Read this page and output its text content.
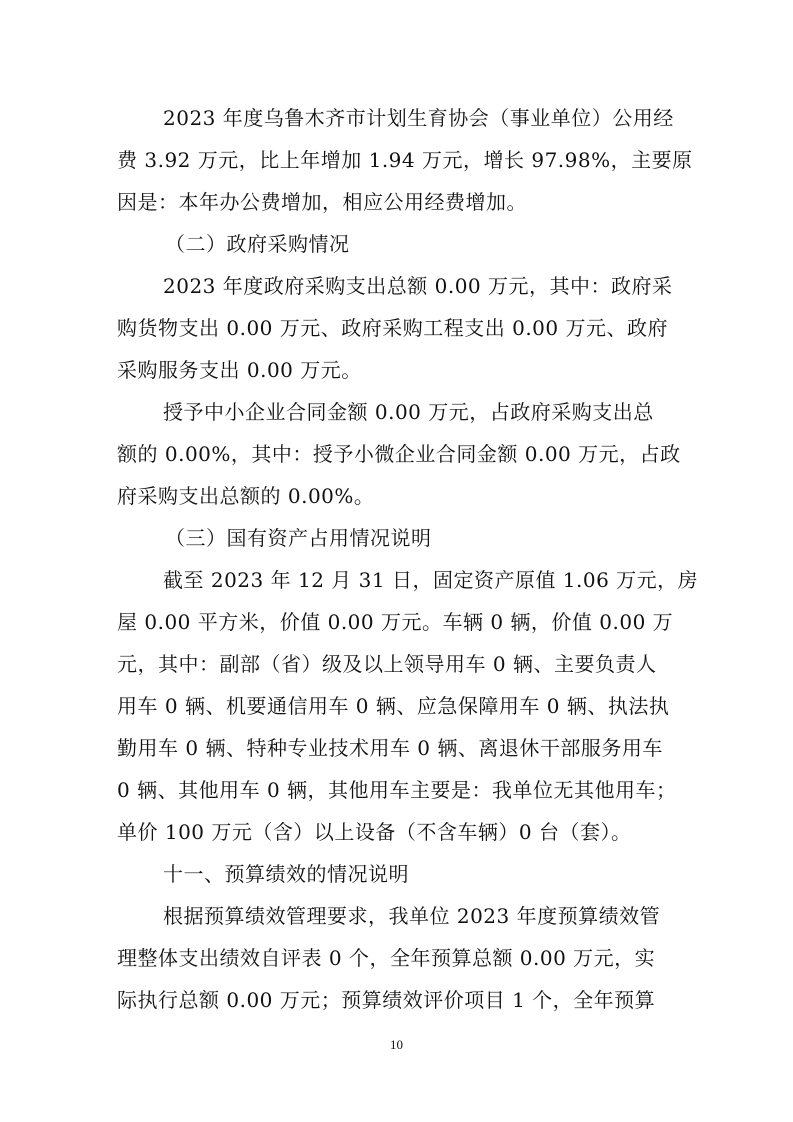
2023 年度乌鲁木齐市计划生育协会（事业单位）公用经
费 3.92 万元，比上年增加 1.94 万元，增长 97.98%，主要原
因是：本年办公费增加，相应公用经费增加。
（二）政府采购情况
2023 年度政府采购支出总额 0.00 万元，其中：政府采
购货物支出 0.00 万元、政府采购工程支出 0.00 万元、政府
采购服务支出 0.00 万元。
授予中小企业合同金额 0.00 万元，占政府采购支出总
额的 0.00%，其中：授予小微企业合同金额 0.00 万元，占政
府采购支出总额的 0.00%。
（三）国有资产占用情况说明
截至 2023 年 12 月 31 日，固定资产原值 1.06 万元，房
屋 0.00 平方米，价值 0.00 万元。车辆 0 辆，价值 0.00 万
元，其中：副部（省）级及以上领导用车 0 辆、主要负责人
用车 0 辆、机要通信用车 0 辆、应急保障用车 0 辆、执法执
勤用车 0 辆、特种专业技术用车 0 辆、离退休干部服务用车
0 辆、其他用车 0 辆，其他用车主要是：我单位无其他用车；
单价 100 万元（含）以上设备（不含车辆）0 台（套）。
十一、预算绩效的情况说明
根据预算绩效管理要求，我单位 2023 年度预算绩效管
理整体支出绩效自评表 0 个，全年预算总额 0.00 万元，实
际执行总额 0.00 万元；预算绩效评价项目 1 个，全年预算
10
